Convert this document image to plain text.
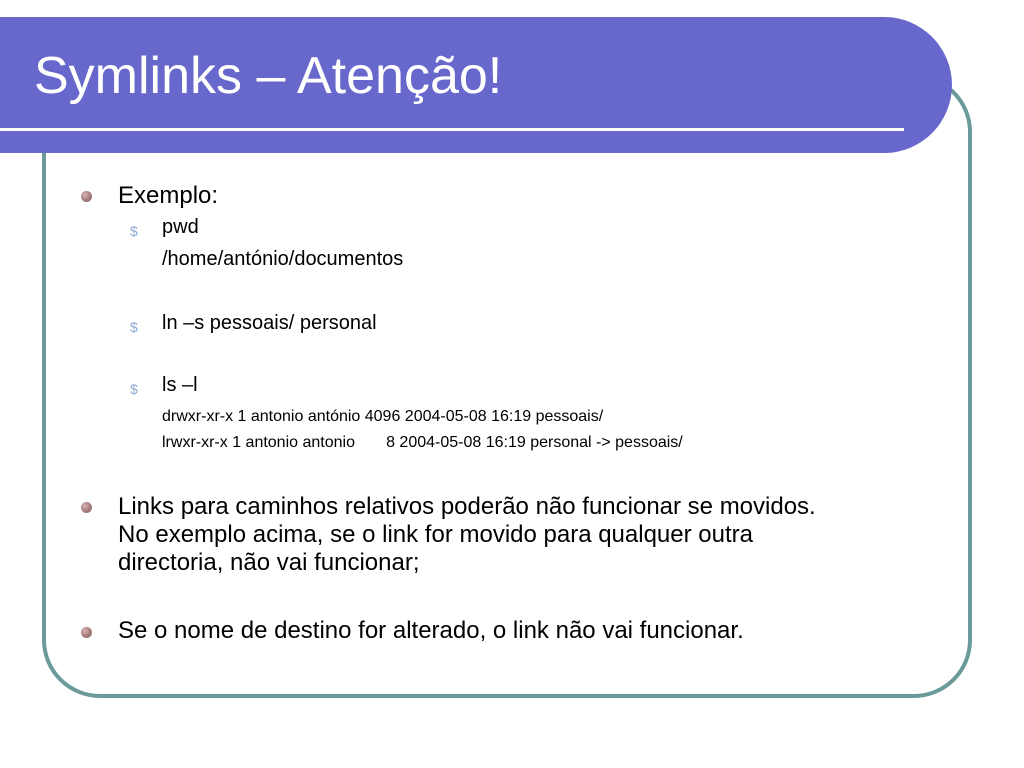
Symlinks – Atenção!
Exemplo:
$ pwd
/home/antónio/documentos
$ ln –s pessoais/ personal
$ ls –l
drwxr-xr-x 1 antonio antónio 4096 2004-05-08 16:19 pessoais/
lrwxr-xr-x 1 antonio antonio       8 2004-05-08 16:19 personal -> pessoais/
Links para caminhos relativos poderão não funcionar se movidos.
No exemplo acima, se o link for movido para qualquer outra
directoria, não vai funcionar;
Se o nome de destino for alterado, o link não vai funcionar.
